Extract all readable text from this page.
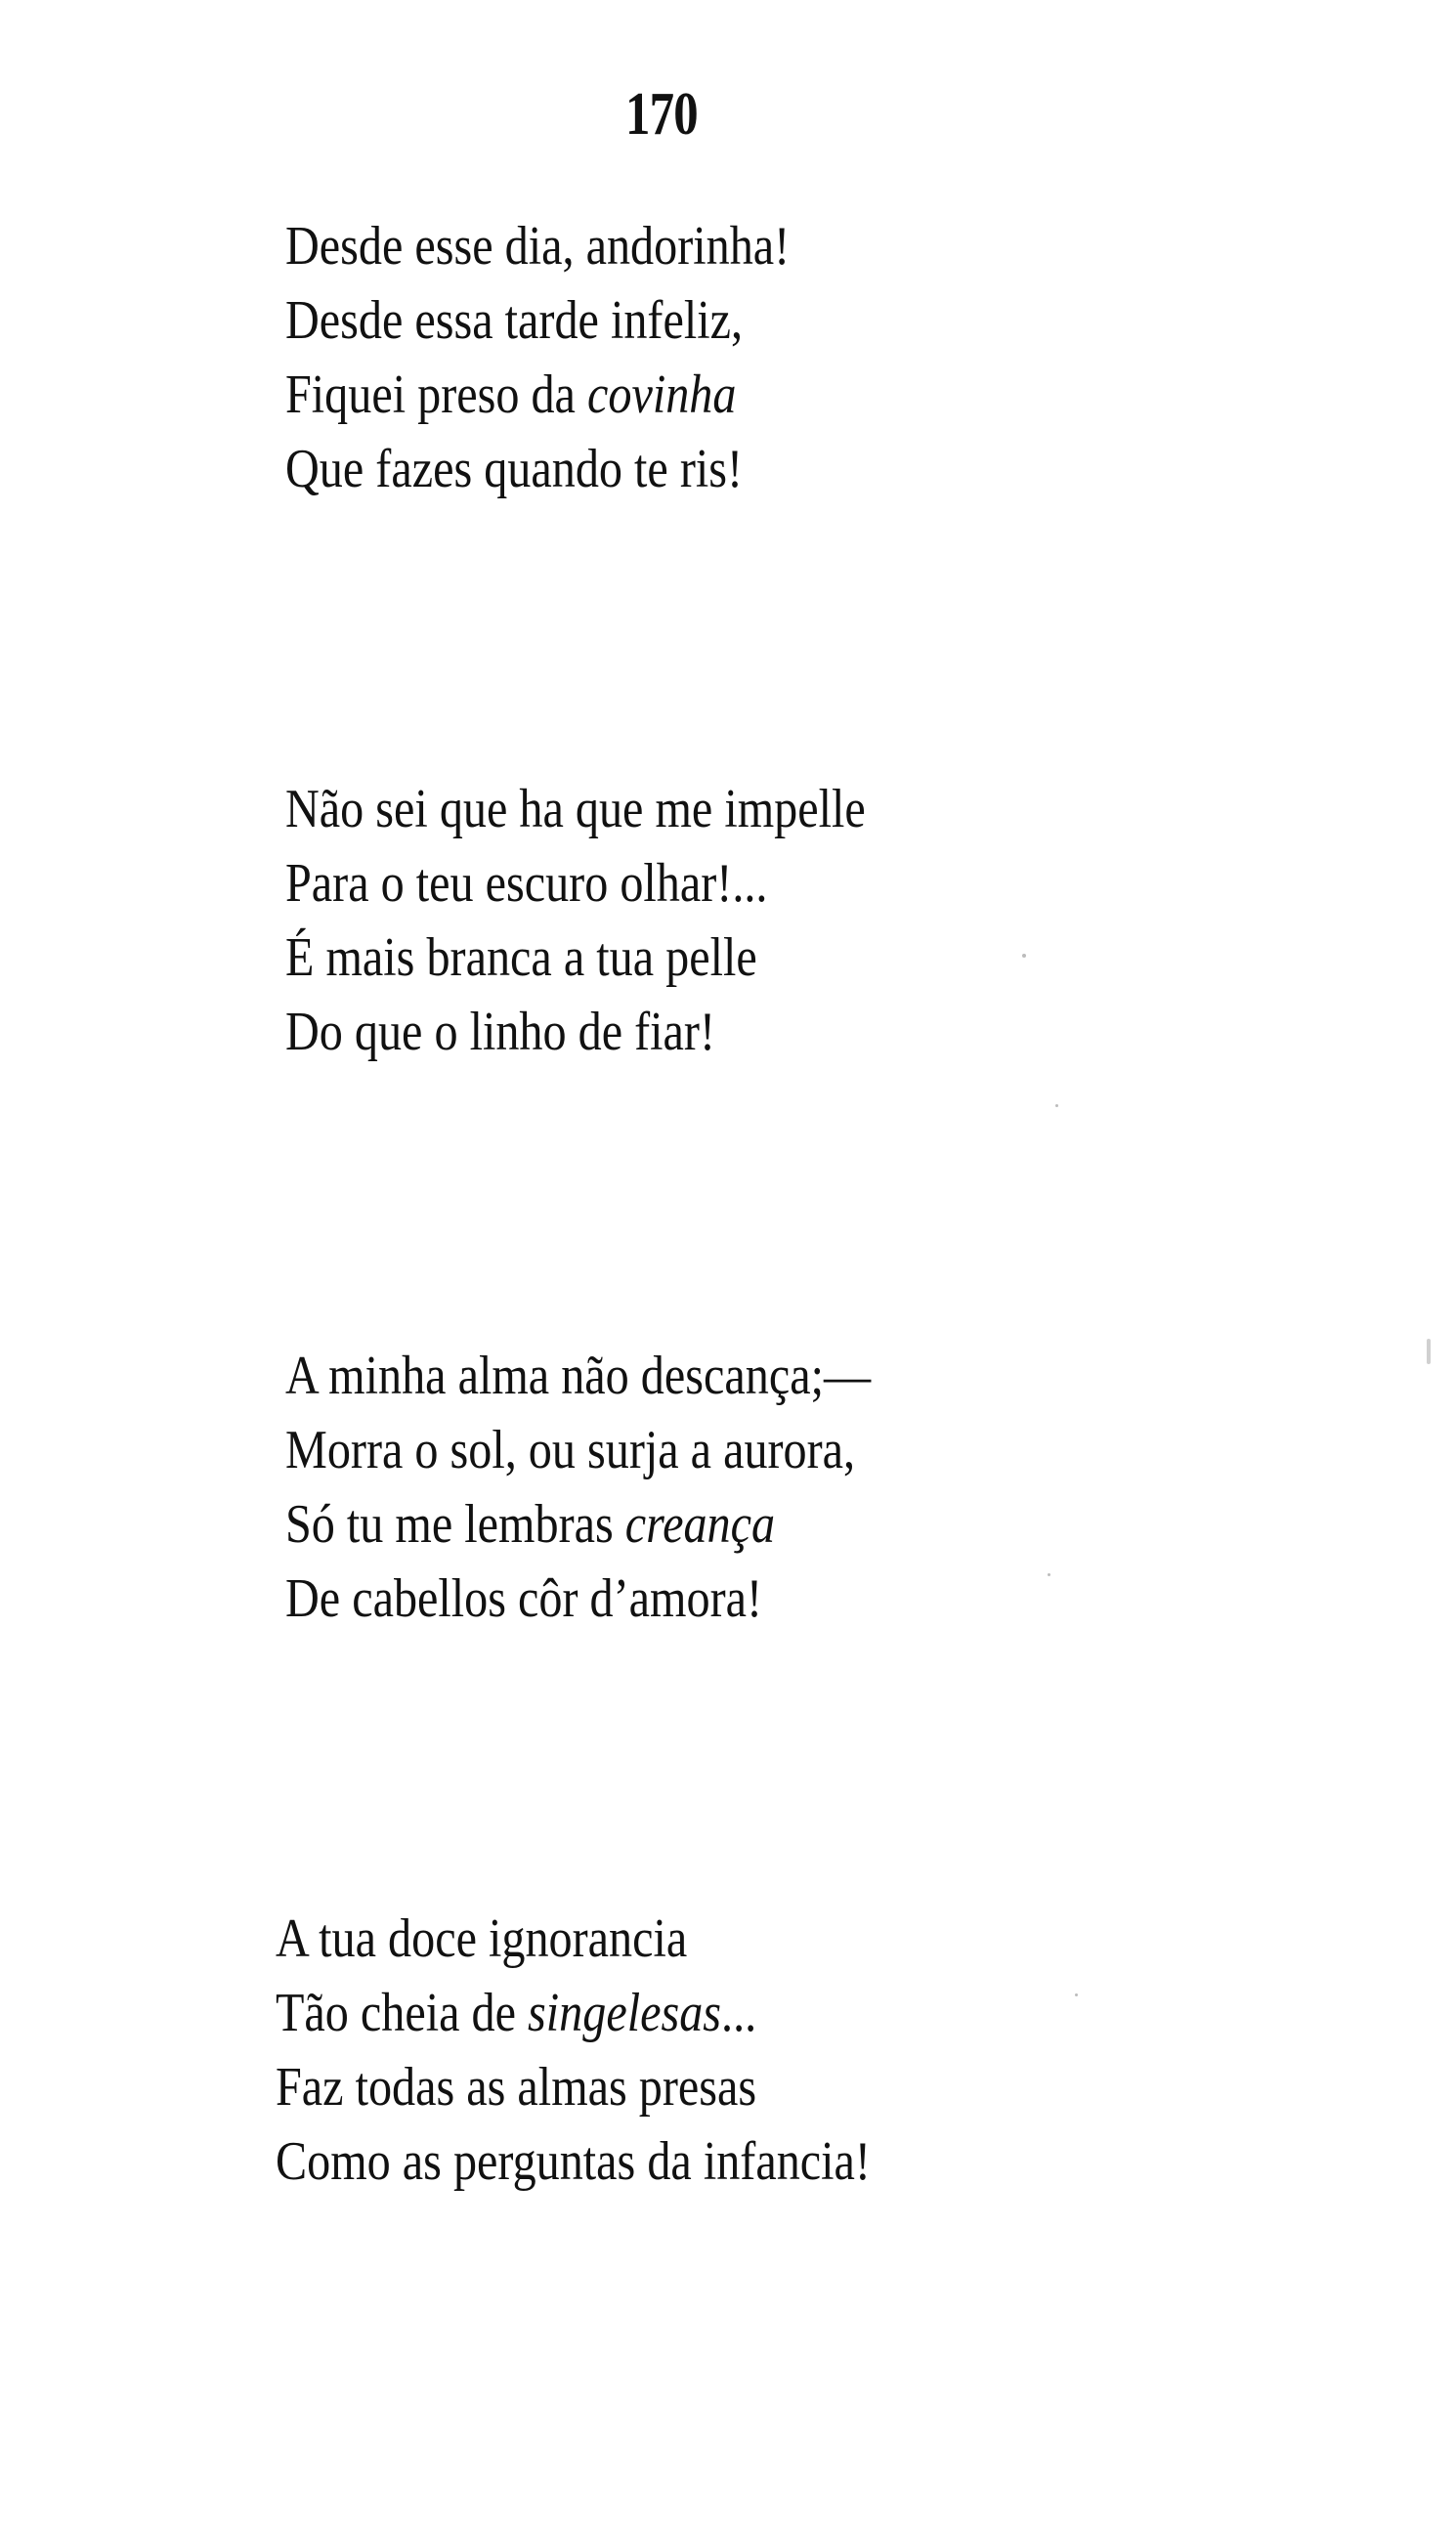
170
Desde esse dia, andorinha!
Desde essa tarde infeliz,
Fiquei preso da covinha
Que fazes quando te ris!
Não sei que ha que me impelle
Para o teu escuro olhar!...
É mais branca a tua pelle
Do que o linho de fiar!
A minha alma não descança;—
Morra o sol, ou surja a aurora,
Só tu me lembras creança
De cabellos côr d’amora!
A tua doce ignorancia
Tão cheia de singelesas...
Faz todas as almas presas
Como as perguntas da infancia!
